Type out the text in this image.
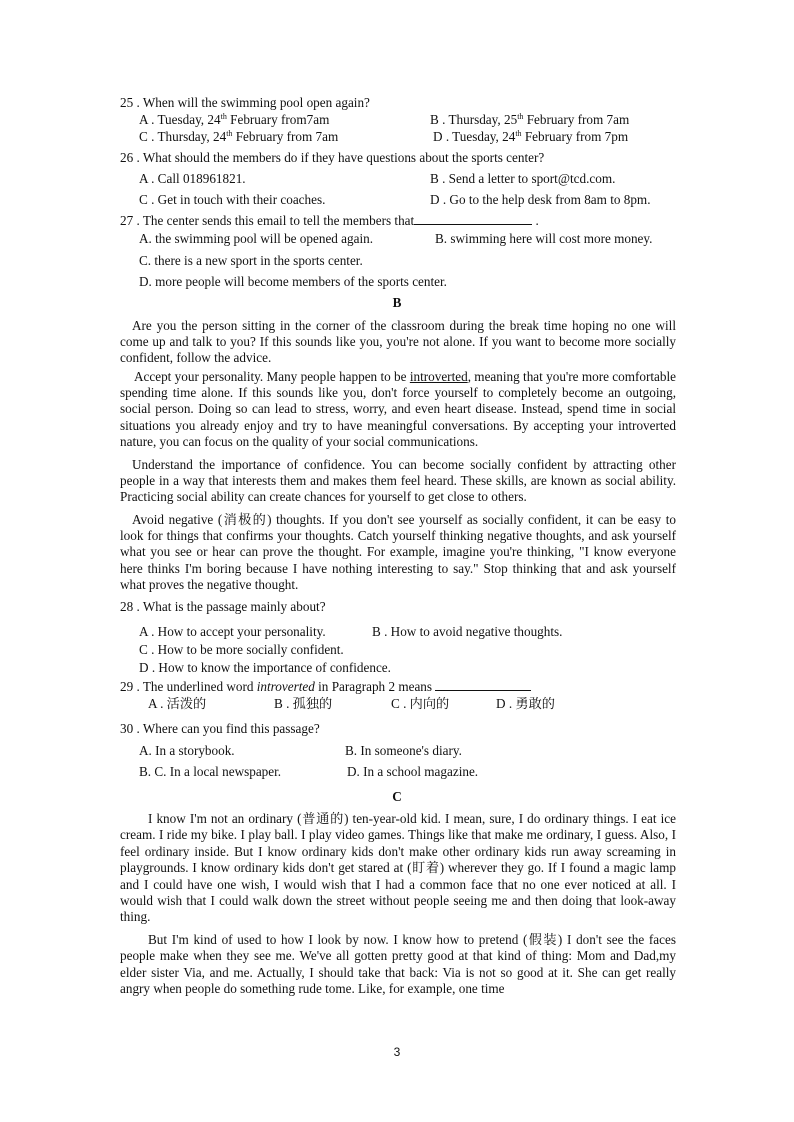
25 . When will the swimming pool open again?
A . Tuesday, 24th February from7am	B . Thursday, 25th February from 7am
C . Thursday, 24th February from 7am	D . Tuesday, 24th February from 7pm
26 . What should the members do if they have questions about the sports center?
A . Call 018961821.	B . Send a letter to sport@tcd.com.
C . Get in touch with their coaches.	D . Go to the help desk from 8am to 8pm.
27 . The center sends this email to tell the members that	.
A. the swimming pool will be opened again.	B. swimming here will cost more money.
C. there is a new sport in the sports center.
D. more people will become members of the sports center.
B

Are you the person sitting in the corner of the classroom during the break time hoping no one will come up and talk to you? If this sounds like you, you're not alone. If you want to become more socially confident, follow the advice.

Accept your personality. Many people happen to be introverted, meaning that you're more comfortable spending time alone. If this sounds like you, don't force yourself to completely become an outgoing, social person. Doing so can lead to stress, worry, and even heart disease. Instead, spend time in social situations you already enjoy and try to have meaningful conversations. By accepting your introverted nature, you can focus on the quality of your social communications.

Understand the importance of confidence. You can become socially confident by attracting other people in a way that interests them and makes them feel heard. These skills, are known as social ability. Practicing social ability can create chances for yourself to get close to others.

Avoid negative (消极的) thoughts. If you don't see yourself as socially confident, it can be easy to look for things that confirms your thoughts. Catch yourself thinking negative thoughts, and ask yourself what you see or hear can prove the thought. For example, imagine you're thinking, "I know everyone here thinks I'm boring because I have nothing interesting to say." Stop thinking that and ask yourself what proves the negative thought.

28 . What is the passage mainly about?
A . How to accept your personality.	B . How to avoid negative thoughts.
C . How to be more socially confident.
D . How to know the importance of confidence.
29 . The underlined word introverted in Paragraph 2 means
A . 活泼的	B . 孤独的	C . 内向的	D . 勇敢的
30 . Where can you find this passage?
A. In a storybook.	B. In someone's diary.
B. C. In a local newspaper.	D. In a school magazine.
C

I know I'm not an ordinary (普通的) ten-year-old kid. I mean, sure, I do ordinary things. I eat ice cream. I ride my bike. I play ball. I play video games. Things like that make me ordinary, I guess. Also, I feel ordinary inside. But I know ordinary kids don't make other ordinary kids run away screaming in playgrounds. I know ordinary kids don't get stared at (盯着) wherever they go. If I found a magic lamp and I could have one wish, I would wish that I had a common face that no one ever noticed at all. I would wish that I could walk down the street without people seeing me and then doing that look-away thing.

But I'm kind of used to how I look by now. I know how to pretend (假装) I don't see the faces people make when they see me. We've all gotten pretty good at that kind of thing: Mom and Dad,my elder sister Via, and me. Actually, I should take that back: Via is not so good at it. She can get really angry when people do something rude tome. Like, for example, one time

3
